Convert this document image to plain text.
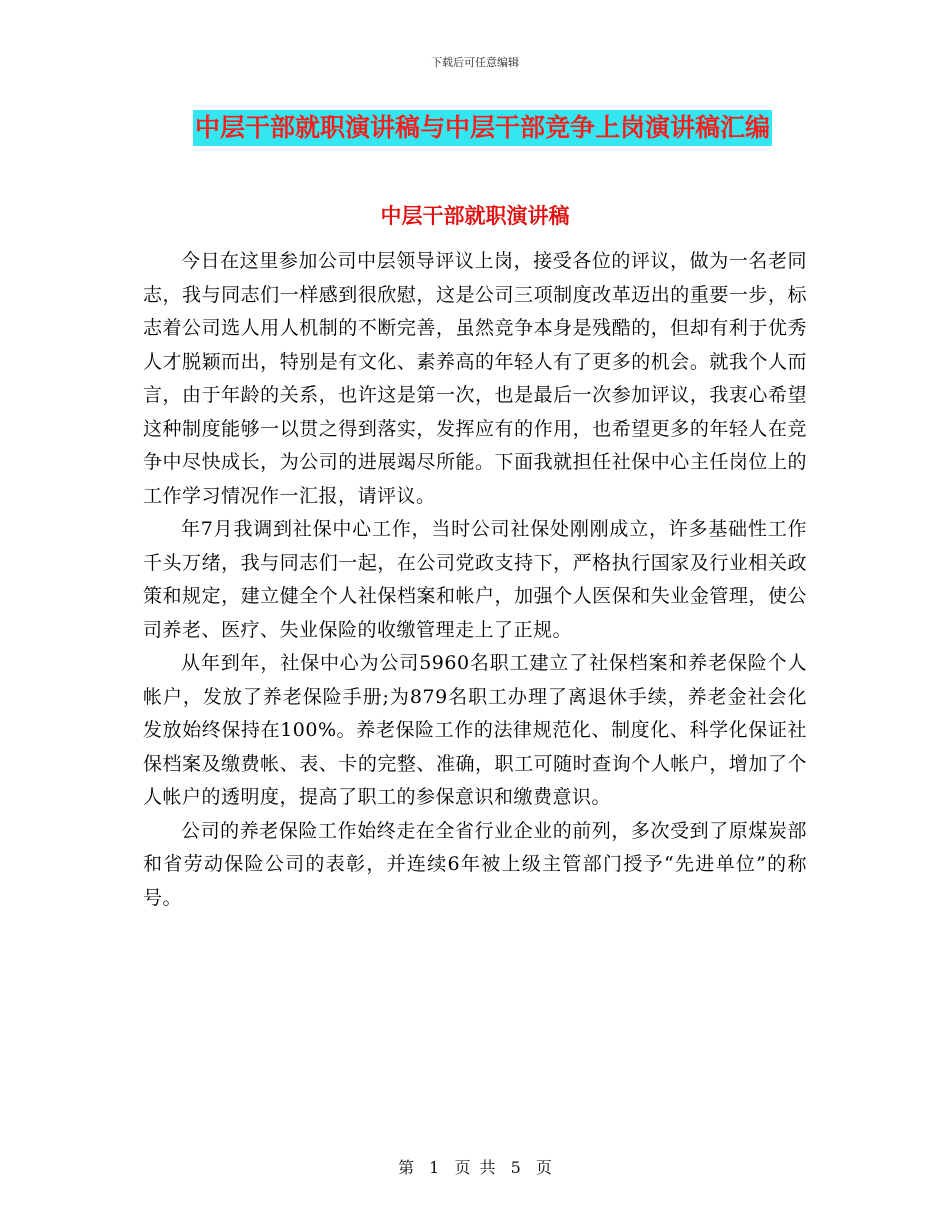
下载后可任意编辑
中层干部就职演讲稿与中层干部竞争上岗演讲稿汇编
中层干部就职演讲稿

今日在这里参加公司中层领导评议上岗，接受各位的评议，做为一名老同志，我与同志们一样感到很欣慰，这是公司三项制度改革迈出的重要一步，标志着公司选人用人机制的不断完善，虽然竞争本身是残酷的，但却有利于优秀人才脱颖而出，特别是有文化、素养高的年轻人有了更多的机会。就我个人而言，由于年龄的关系，也许这是第一次，也是最后一次参加评议，我衷心希望这种制度能够一以贯之得到落实，发挥应有的作用，也希望更多的年轻人在竞争中尽快成长，为公司的进展竭尽所能。下面我就担任社保中心主任岗位上的工作学习情况作一汇报，请评议。

年7月我调到社保中心工作，当时公司社保处刚刚成立，许多基础性工作千头万绪，我与同志们一起，在公司党政支持下，严格执行国家及行业相关政策和规定，建立健全个人社保档案和帐户，加强个人医保和失业金管理，使公司养老、医疗、失业保险的收缴管理走上了正规。

从年到年，社保中心为公司5960名职工建立了社保档案和养老保险个人帐户，发放了养老保险手册;为879名职工办理了离退休手续，养老金社会化发放始终保持在100%。养老保险工作的法律规范化、制度化、科学化保证社保档案及缴费帐、表、卡的完整、准确，职工可随时查询个人帐户，增加了个人帐户的透明度，提高了职工的参保意识和缴费意识。

公司的养老保险工作始终走在全省行业企业的前列，多次受到了原煤炭部和省劳动保险公司的表彰，并连续6年被上级主管部门授予“先进单位”的称号。

第 1 页 共 5 页
